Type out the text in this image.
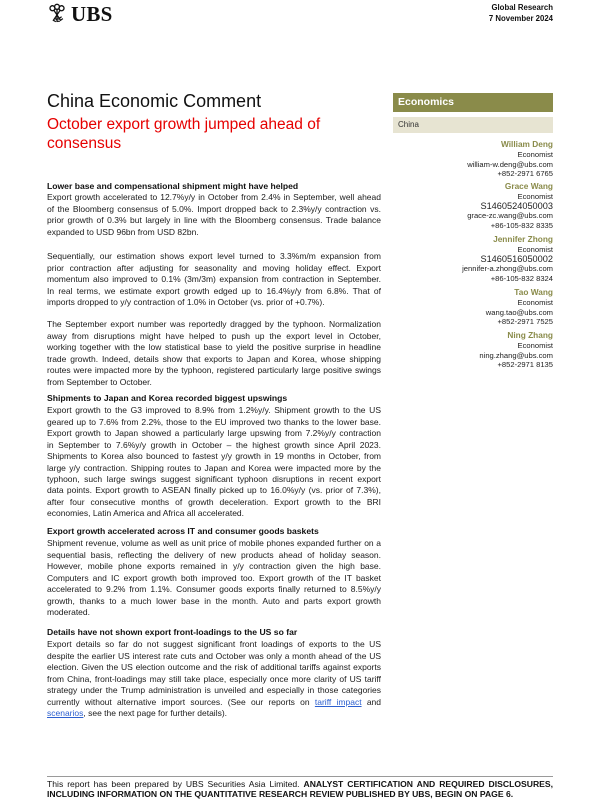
UBS	Global Research
7 November 2024
China Economic Comment
October export growth jumped ahead of consensus
Economics
China
William Deng
Economist
william-w.deng@ubs.com
+852-2971 6765
Grace Wang
Economist
S1460524050003
grace-zc.wang@ubs.com
+86-105-832 8335
Jennifer Zhong
Economist
S1460516050002
jennifer-a.zhong@ubs.com
+86-105-832 8324
Tao Wang
Economist
wang.tao@ubs.com
+852-2971 7525
Ning Zhang
Economist
ning.zhang@ubs.com
+852-2971 8135
Lower base and compensational shipment might have helped
Export growth accelerated to 12.7%y/y in October from 2.4% in September, well ahead
of the Bloomberg consensus of 5.0%. Import dropped back to 2.3%y/y contraction vs.
prior growth of 0.3% but largely in line with the Bloomberg consensus. Trade balance
expanded to USD 96bn from USD 82bn.
Sequentially, our estimation shows export level turned to 3.3%m/m expansion from
prior contraction after adjusting for seasonality and moving holiday effect. Export
momentum also improved to 0.1% (3m/3m) expansion from contraction in September.
In real terms, we estimate export growth edged up to 16.4%y/y from 6.8%. That of
imports dropped to y/y contraction of 1.0% in October (vs. prior of +0.7%).
The September export number was reportedly dragged by the typhoon. Normalization
away from disruptions might have helped to push up the export level in October,
working together with the low statistical base to yield the positive surprise in headline
trade growth. Indeed, details show that exports to Japan and Korea, whose shipping
routes were impacted more by the typhoon, registered particularly large positive swings
from September to October.
Shipments to Japan and Korea recorded biggest upswings
Export growth to the G3 improved to 8.9% from 1.2%y/y. Shipment growth to the US
geared up to 7.6% from 2.2%, those to the EU improved two thanks to the lower base.
Export growth to Japan showed a particularly large upswing from 7.2%y/y contraction
in September to 7.6%y/y growth in October – the highest growth since April 2023.
Shipments to Korea also bounced to fastest y/y growth in 19 months in October, from
large y/y contraction. Shipping routes to Japan and Korea were impacted more by the
typhoon, such large swings suggest significant typhoon disruptions in recent export
data points. Export growth to ASEAN finally picked up to 16.0%y/y (vs. prior of 7.3%),
after four consecutive months of growth deceleration. Export growth to the BRI
economies, Latin America and Africa all accelerated.
Export growth accelerated across IT and consumer goods baskets
Shipment revenue, volume as well as unit price of mobile phones expanded further on a
sequential basis, reflecting the delivery of new products ahead of holiday season.
However, mobile phone exports remained in y/y contraction given the high base.
Computers and IC export growth both improved too. Export growth of the IT basket
accelerated to 9.2% from 1.1%. Consumer goods exports finally returned to 8.5%y/y
growth, thanks to a much lower base in the month. Auto and parts export growth
moderated.
Details have not shown export front-loadings to the US so far
Export details so far do not suggest significant front loadings of exports to the US
despite the earlier US interest rate cuts and October was only a month ahead of the US
election. Given the US election outcome and the risk of additional tariffs against exports
from China, front-loadings may still take place, especially once more clarity of US tariff
strategy under the Trump administration is unveiled and especially in those categories
currently without alternative import sources. (See our reports on tariff impact and
scenarios, see the next page for further details).
This report has been prepared by UBS Securities Asia Limited. ANALYST CERTIFICATION AND REQUIRED DISCLOSURES,
INCLUDING INFORMATION ON THE QUANTITATIVE RESEARCH REVIEW PUBLISHED BY UBS, BEGIN ON PAGE 6.
